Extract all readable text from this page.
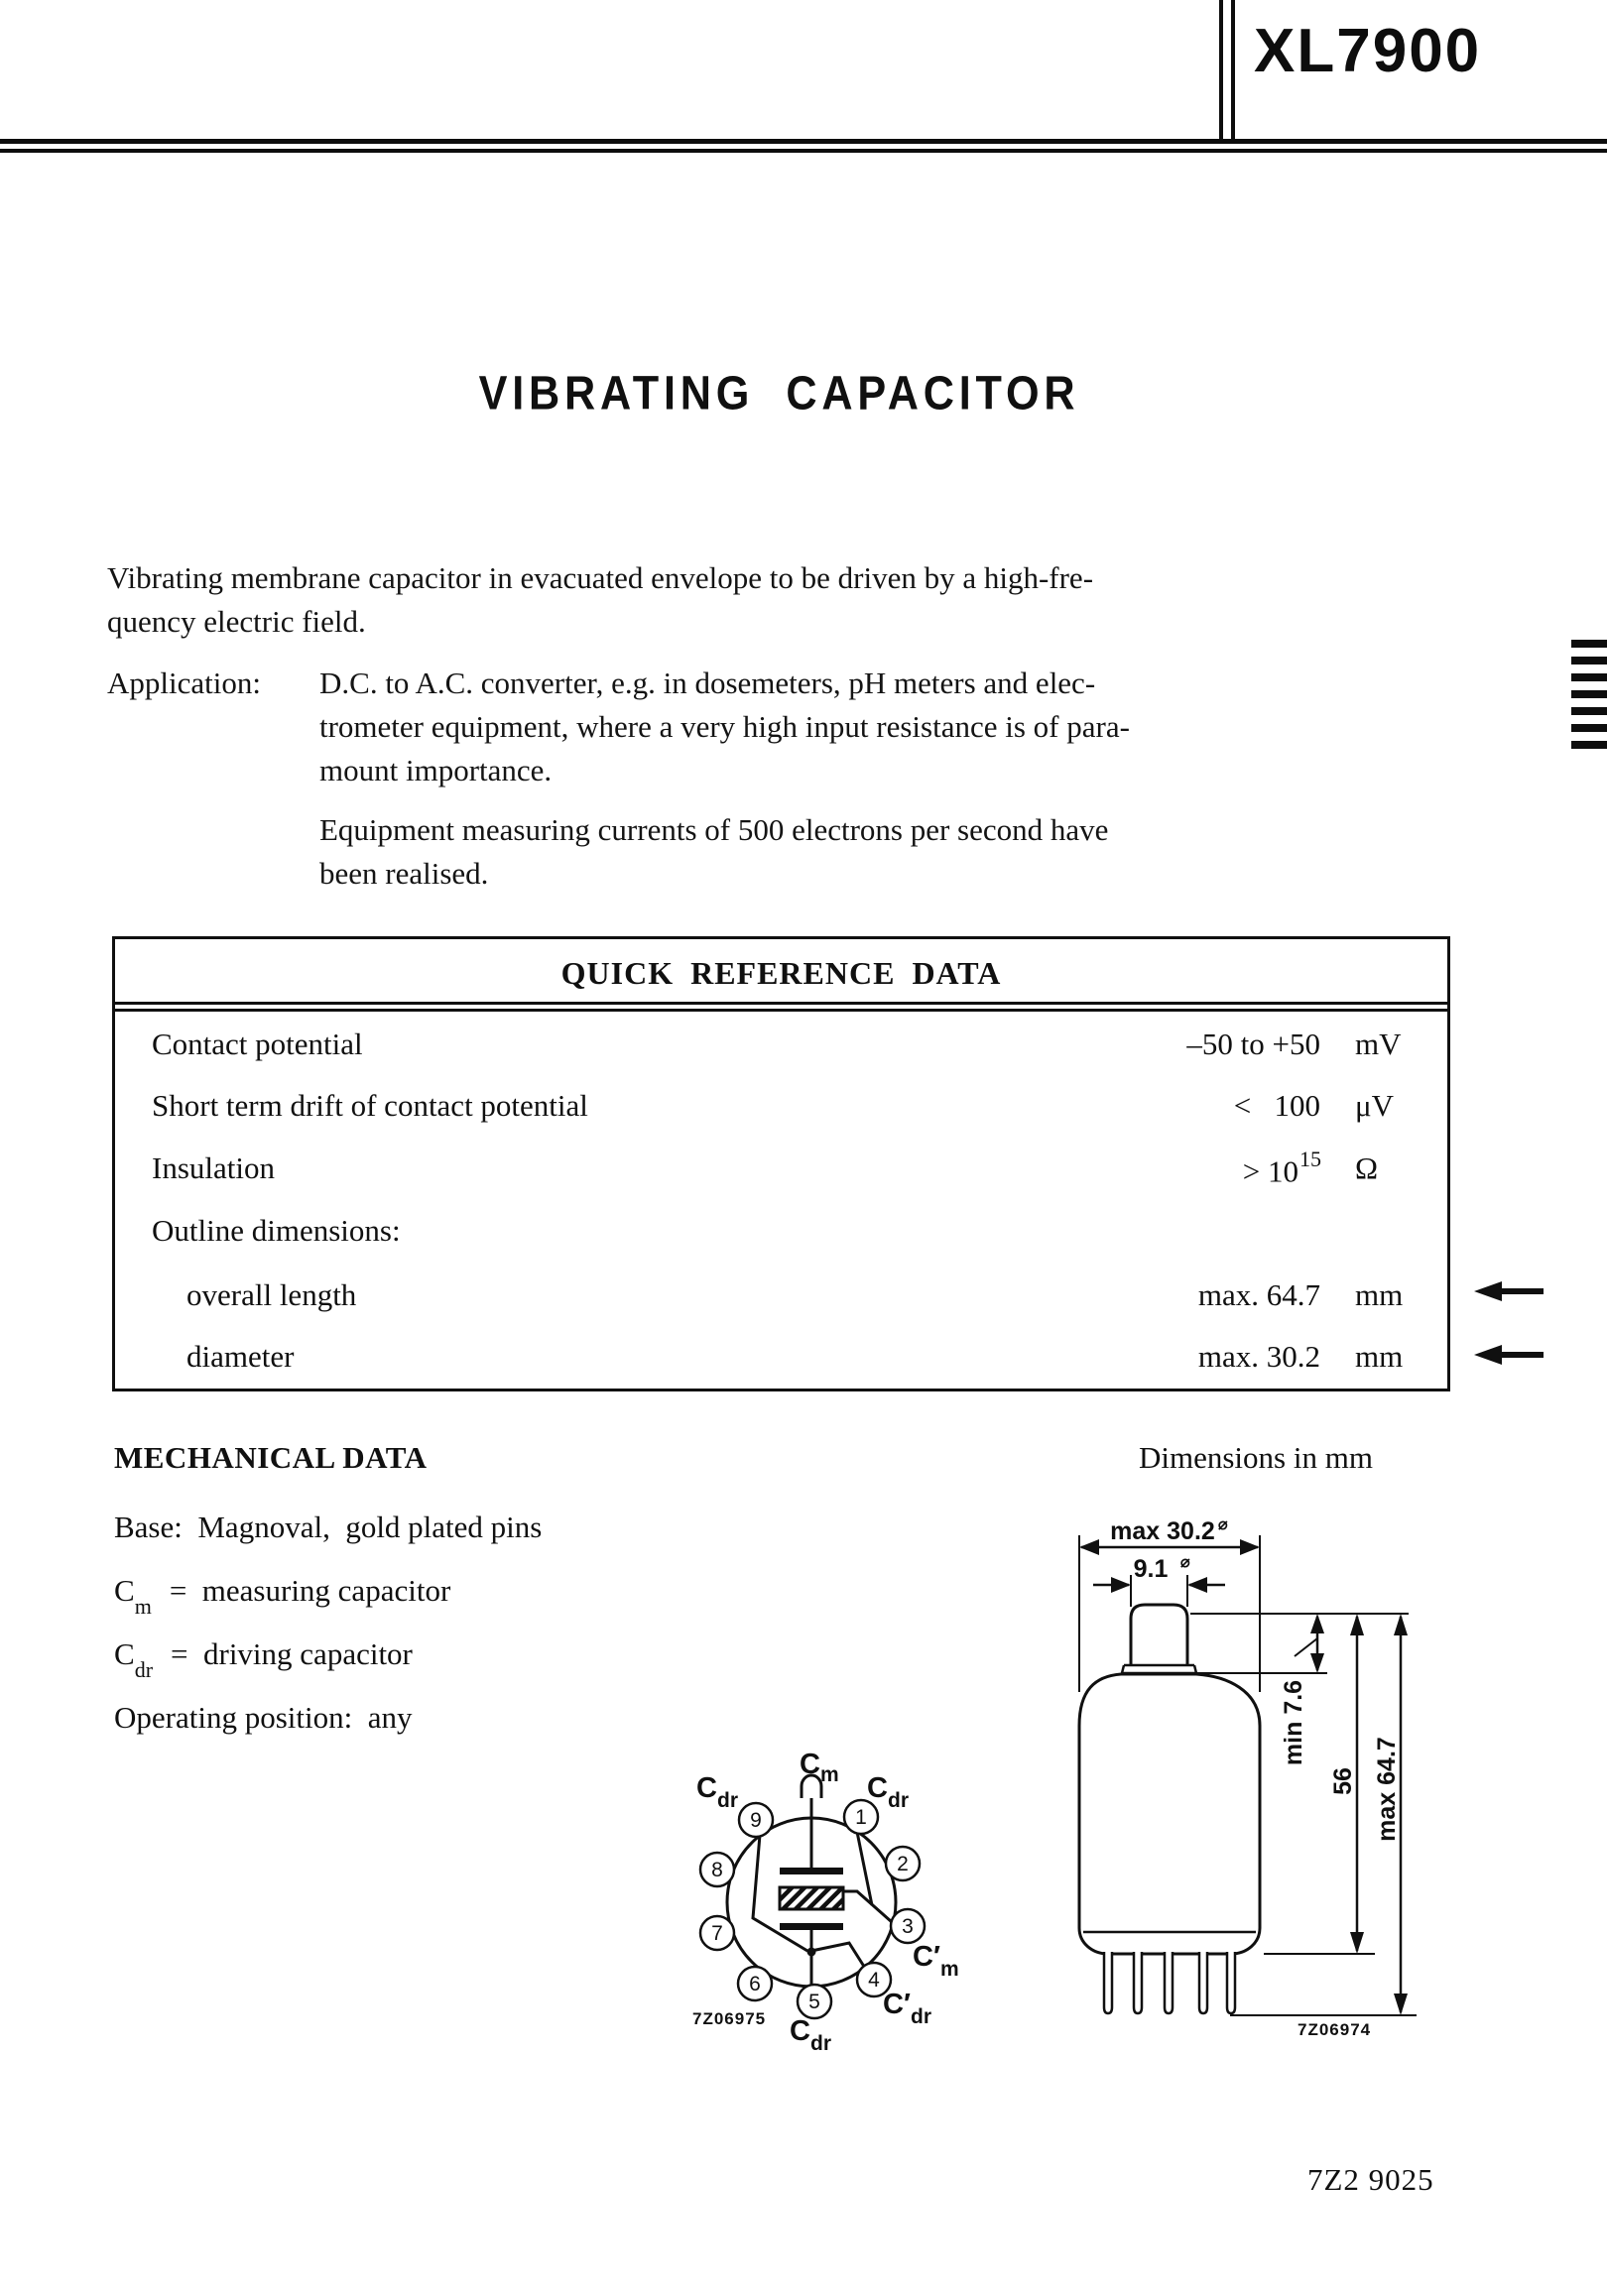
XL7900
VIBRATING CAPACITOR
Vibrating membrane capacitor in evacuated envelope to be driven by a high-fre-
quency electric field.
Application: D.C. to A.C. converter, e.g. in dosemeters, pH meters and elec-
trometer equipment, where a very high input resistance is of para-
mount importance.
Equipment measuring currents of 500 electrons per second have
been realised.
QUICK REFERENCE DATA
Contact potential	–50 to +50 mV
Short term drift of contact potential	<   100 μV
Insulation	> $10^{15}$ Ω
Outline dimensions:
overall length	max. 64.7 mm
diameter	max. 30.2 mm
MECHANICAL DATA	Dimensions in mm
Base:  Magnoval,  gold plated pins
$C_m$ =  measuring capacitor
$C_{dr}$ =  driving capacitor
Operating position:  any
1
2
3
4
5
6
7
8
9
C m
C dr	C dr
C′ m
C′ dr
C dr
7Z06975
max 30.2 ⌀
9.1 ⌀
min 7.6
56 max 64.7
7Z06974
7Z2 9025
